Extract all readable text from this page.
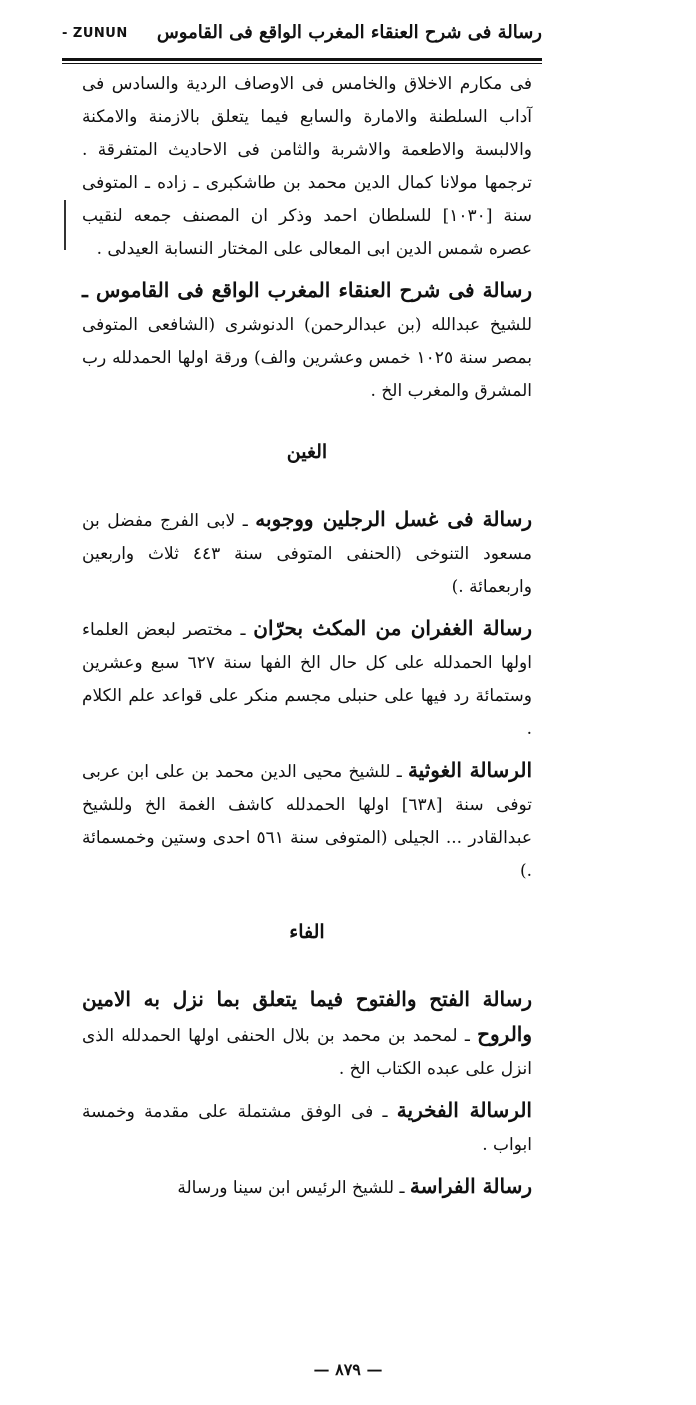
- ZUNUN رسالة فى شرح العنقاء المغرب الواقع فى القاموس

فى مكارم الاخلاق والخامس فى الاوصاف الردية والسادس فى آداب السلطنة والامارة والسابع فيما يتعلق بالازمنة والامكنة والالبسة والاطعمة والاشربة والثامن فى الاحاديث المتفرقة . ترجمها مولانا كمال الدين محمد بن طاشكبرى ـ زاده ـ المتوفى سنة [١٠٣٠] للسلطان احمد وذكر ان المصنف جمعه لنقيب عصره شمس الدين ابى المعالى على المختار النسابة العيدلى .

رسالة فى شرح العنقاء المغرب الواقع فى القاموس ـ للشيخ عبدالله (بن عبدالرحمن) الدنوشرى (الشافعى المتوفى بمصر سنة ١٠٢٥ خمس وعشرين والف) ورقة اولها الحمدلله رب المشرق والمغرب الخ .

الغين

رسالة فى غسل الرجلين ووجوبه ـ لابى الفرج مفضل بن مسعود التنوخى (الحنفى المتوفى سنة ٤٤٣ ثلاث واربعين واربعمائة .)

رسالة الغفران من المكث بحرّان ـ مختصر لبعض العلماء اولها الحمدلله على كل حال الخ الفها سنة ٦٢٧ سبع وعشرين وستمائة رد فيها على حنبلى مجسم منكر على قواعد علم الكلام .

الرسالة الغوثية ـ للشيخ محيى الدين محمد بن على ابن عربى توفى سنة [٦٣٨] اولها الحمدلله كاشف الغمة الخ وللشيخ عبدالقادر ... الجيلى (المتوفى سنة ٥٦١ احدى وستين وخمسمائة .)

الفاء

رسالة الفتح والفتوح فيما يتعلق بما نزل به الامين والروح ـ لمحمد بن محمد بن بلال الحنفى اولها الحمدلله الذى انزل على عبده الكتاب الخ .

الرسالة الفخرية ـ فى الوفق مشتملة على مقدمة وخمسة ابواب .

رسالة الفراسة ـ للشيخ الرئيس ابن سينا ورسالة

— ٨٧٩ —
